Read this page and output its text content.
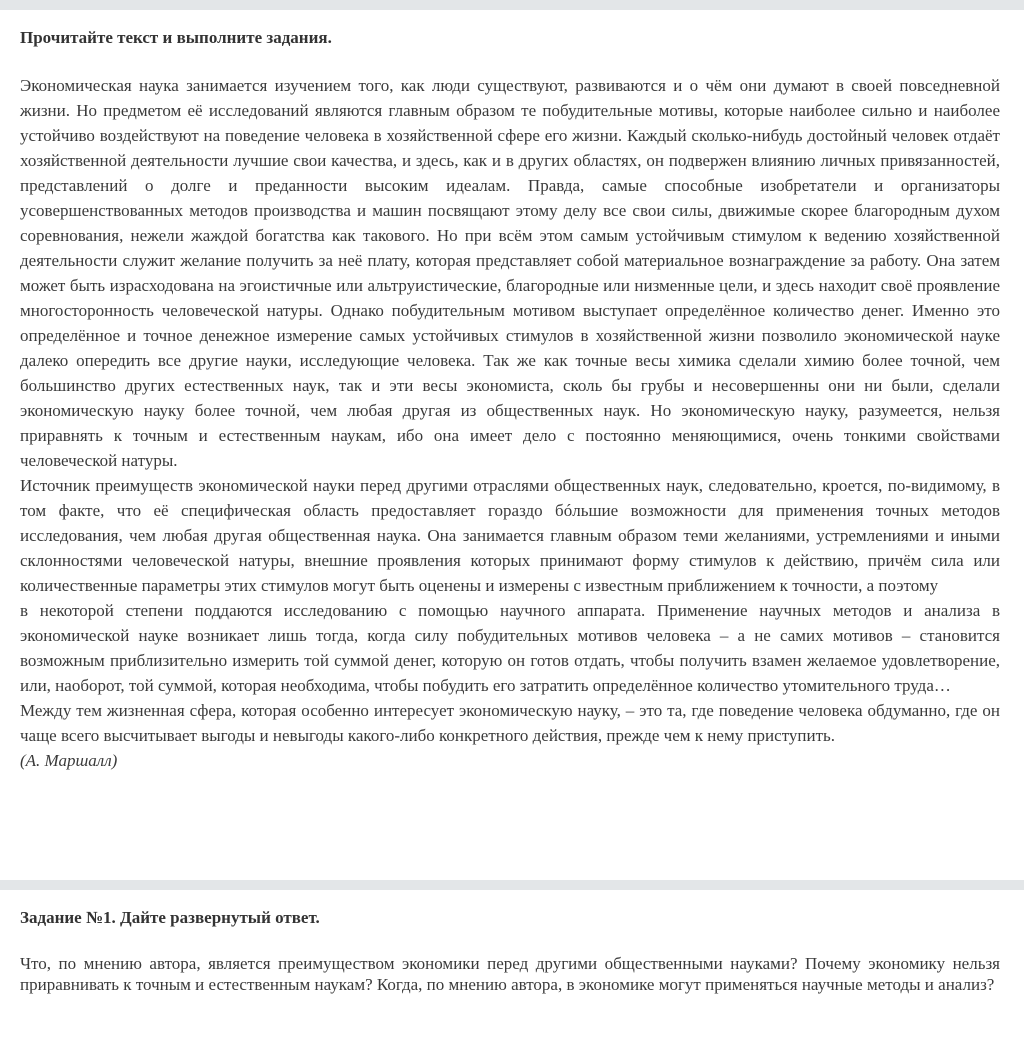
Прочитайте текст и выполните задания.

Экономическая наука занимается изучением того, как люди существуют, развиваются и о чём они думают в своей повседневной жизни. Но предметом её исследований являются главным образом те побудительные мотивы, которые наиболее сильно и наиболее устойчиво воздействуют на поведение человека в хозяйственной сфере его жизни. Каждый сколько-нибудь достойный человек отдаёт хозяйственной деятельности лучшие свои качества, и здесь, как и в других областях, он подвержен влиянию личных привязанностей, представлений о долге и преданности высоким идеалам. Правда, самые способные изобретатели и организаторы усовершенствованных методов производства и машин посвящают этому делу все свои силы, движимые скорее благородным духом соревнования, нежели жаждой богатства как такового. Но при всём этом самым устойчивым стимулом к ведению хозяйственной деятельности служит желание получить за неё плату, которая представляет собой материальное вознаграждение за работу. Она затем может быть израсходована на эгоистичные или альтруистические, благородные или низменные цели, и здесь находит своё проявление многосторонность человеческой натуры. Однако побудительным мотивом выступает определённое количество денег. Именно это определённое и точное денежное измерение самых устойчивых стимулов в хозяйственной жизни позволило экономической науке далеко опередить все другие науки, исследующие человека. Так же как точные весы химика сделали химию более точной, чем большинство других естественных наук, так и эти весы экономиста, сколь бы грубы и несовершенны они ни были, сделали экономическую науку более точной, чем любая другая из общественных наук. Но экономическую науку, разумеется, нельзя приравнять к точным и естественным наукам, ибо она имеет дело с постоянно меняющимися, очень тонкими свойствами человеческой натуры.

Источник преимуществ экономической науки перед другими отраслями общественных наук, следовательно, кроется, по-видимому, в том факте, что её специфическая область предоставляет гораздо бóльшие возможности для применения точных методов исследования, чем любая другая общественная наука. Она занимается главным образом теми желаниями, устремлениями и иными склонностями человеческой натуры, внешние проявления которых принимают форму стимулов к действию, причём сила или количественные параметры этих стимулов могут быть оценены и измерены с известным приближением к точности, а поэтому

в некоторой степени поддаются исследованию с помощью научного аппарата. Применение научных методов и анализа в экономической науке возникает лишь тогда, когда силу побудительных мотивов человека – а не самих мотивов – становится возможным приблизительно измерить той суммой денег, которую он готов отдать, чтобы получить взамен желаемое удовлетворение, или, наоборот, той суммой, которая необходима, чтобы побудить его затратить определённое количество утомительного труда…

Между тем жизненная сфера, которая особенно интересует экономическую науку, – это та, где поведение человека обдуманно, где он чаще всего высчитывает выгоды и невыгоды какого-либо конкретного действия, прежде чем к нему приступить.

(А. Маршалл)
Задание №1. Дайте развернутый ответ.
Что, по мнению автора, является преимуществом экономики перед другими общественными науками? Почему экономику нельзя приравнивать к точным и естественным наукам? Когда, по мнению автора, в экономике могут применяться научные методы и анализ?
